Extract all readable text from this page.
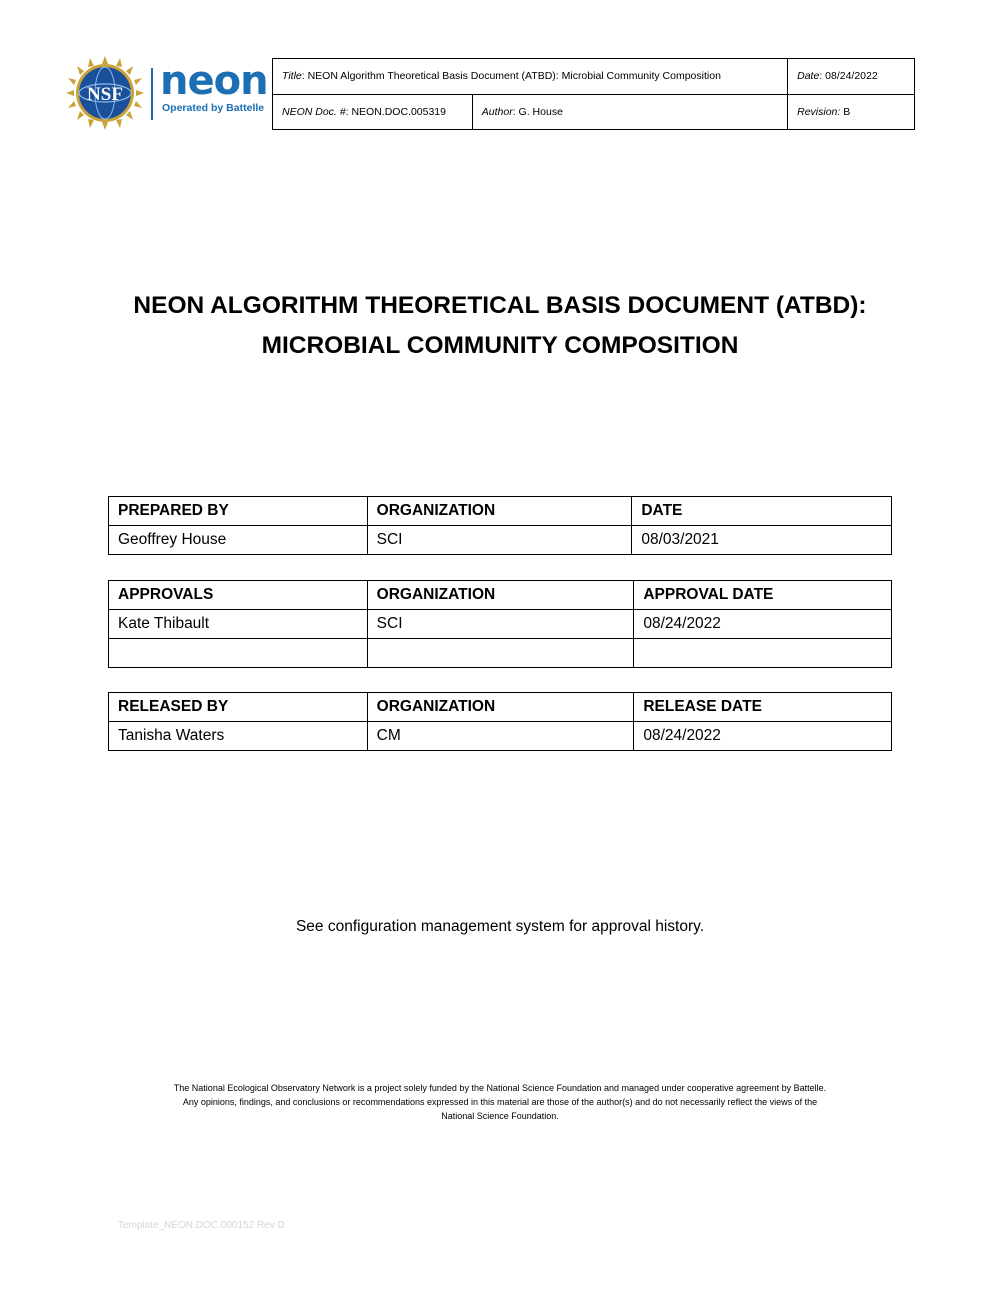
NSF neon
Operated by Battelle
Title: NEON Algorithm Theoretical Basis Document (ATBD): Microbial Community Composition		Date: 08/24/2022
NEON Doc. #: NEON.DOC.005319	Author: G. House	Revision: B
NEON ALGORITHM THEORETICAL BASIS DOCUMENT (ATBD):
MICROBIAL COMMUNITY COMPOSITION
PREPARED BY	ORGANIZATION	DATE
Geoffrey House	SCI	08/03/2021
APPROVALS	ORGANIZATION	APPROVAL DATE
Kate Thibault	SCI	08/24/2022

RELEASED BY	ORGANIZATION	RELEASE DATE
Tanisha Waters	CM	08/24/2022
See configuration management system for approval history.
The National Ecological Observatory Network is a project solely funded by the National Science Foundation and managed under cooperative agreement by Battelle.
Any opinions, findings, and conclusions or recommendations expressed in this material are those of the author(s) and do not necessarily reflect the views of the
National Science Foundation.
Template_NEON.DOC.000152 Rev D
